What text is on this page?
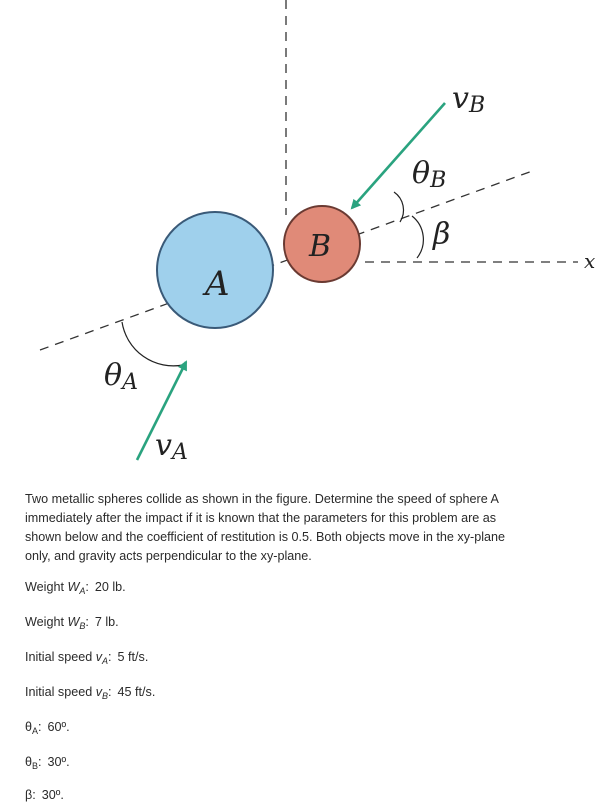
A
B
vB
θB
β
x
θA
vA
Two metallic spheres collide as shown in the figure. Determine the speed of sphere A immediately after the impact if it is known that the parameters for this problem are as shown below and the coefficient of restitution is 0.5. Both objects move in the xy-plane only, and gravity acts perpendicular to the xy-plane.
Weight $W_A$: 20 lb.
Weight $W_B$: 7 lb.
Initial speed $v_A$: 5 ft/s.
Initial speed $v_B$: 45 ft/s.
$\theta_A$: 60º.
$\theta_B$: 30º.
β: 30º.
